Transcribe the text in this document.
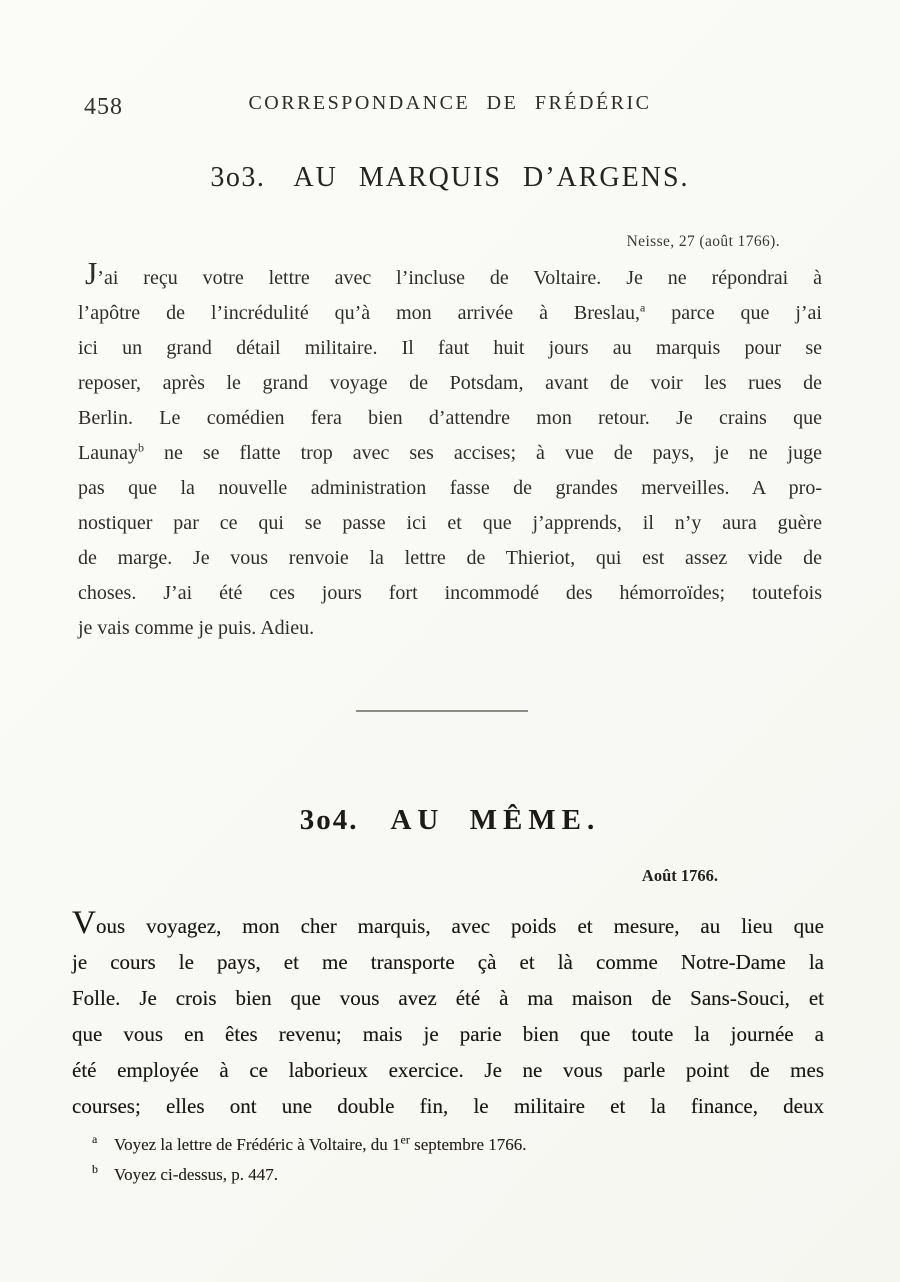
458	CORRESPONDANCE DE FRÉDÉRIC
3o3. AU MARQUIS D’ARGENS.
Neisse, 27 (août 1766).
J’ai reçu votre lettre avec l’incluse de Voltaire. Je ne répondrai à
l’apôtre de l’incrédulité qu’à mon arrivée à Breslau,$^a$ parce que j’ai
ici un grand détail militaire. Il faut huit jours au marquis pour se
reposer, après le grand voyage de Potsdam, avant de voir les rues de
Berlin. Le comédien fera bien d’attendre mon retour. Je crains que
Launay$^b$ ne se flatte trop avec ses accises; à vue de pays, je ne juge
pas que la nouvelle administration fasse de grandes merveilles. A pro-
nostiquer par ce qui se passe ici et que j’apprends, il n’y aura guère
de marge. Je vous renvoie la lettre de Thieriot, qui est assez vide de
choses. J’ai été ces jours fort incommodé des hémorroïdes; toutefois
je vais comme je puis. Adieu.
3o4. AU MÊME.
Août 1766.
Vous voyagez, mon cher marquis, avec poids et mesure, au lieu que
je cours le pays, et me transporte çà et là comme Notre-Dame la
Folle. Je crois bien que vous avez été à ma maison de Sans-Souci, et
que vous en êtes revenu; mais je parie bien que toute la journée a
été employée à ce laborieux exercice. Je ne vous parle point de mes
courses; elles ont une double fin, le militaire et la finance, deux
a Voyez la lettre de Frédéric à Voltaire, du 1er septembre 1766.
b Voyez ci-dessus, p. 447.
